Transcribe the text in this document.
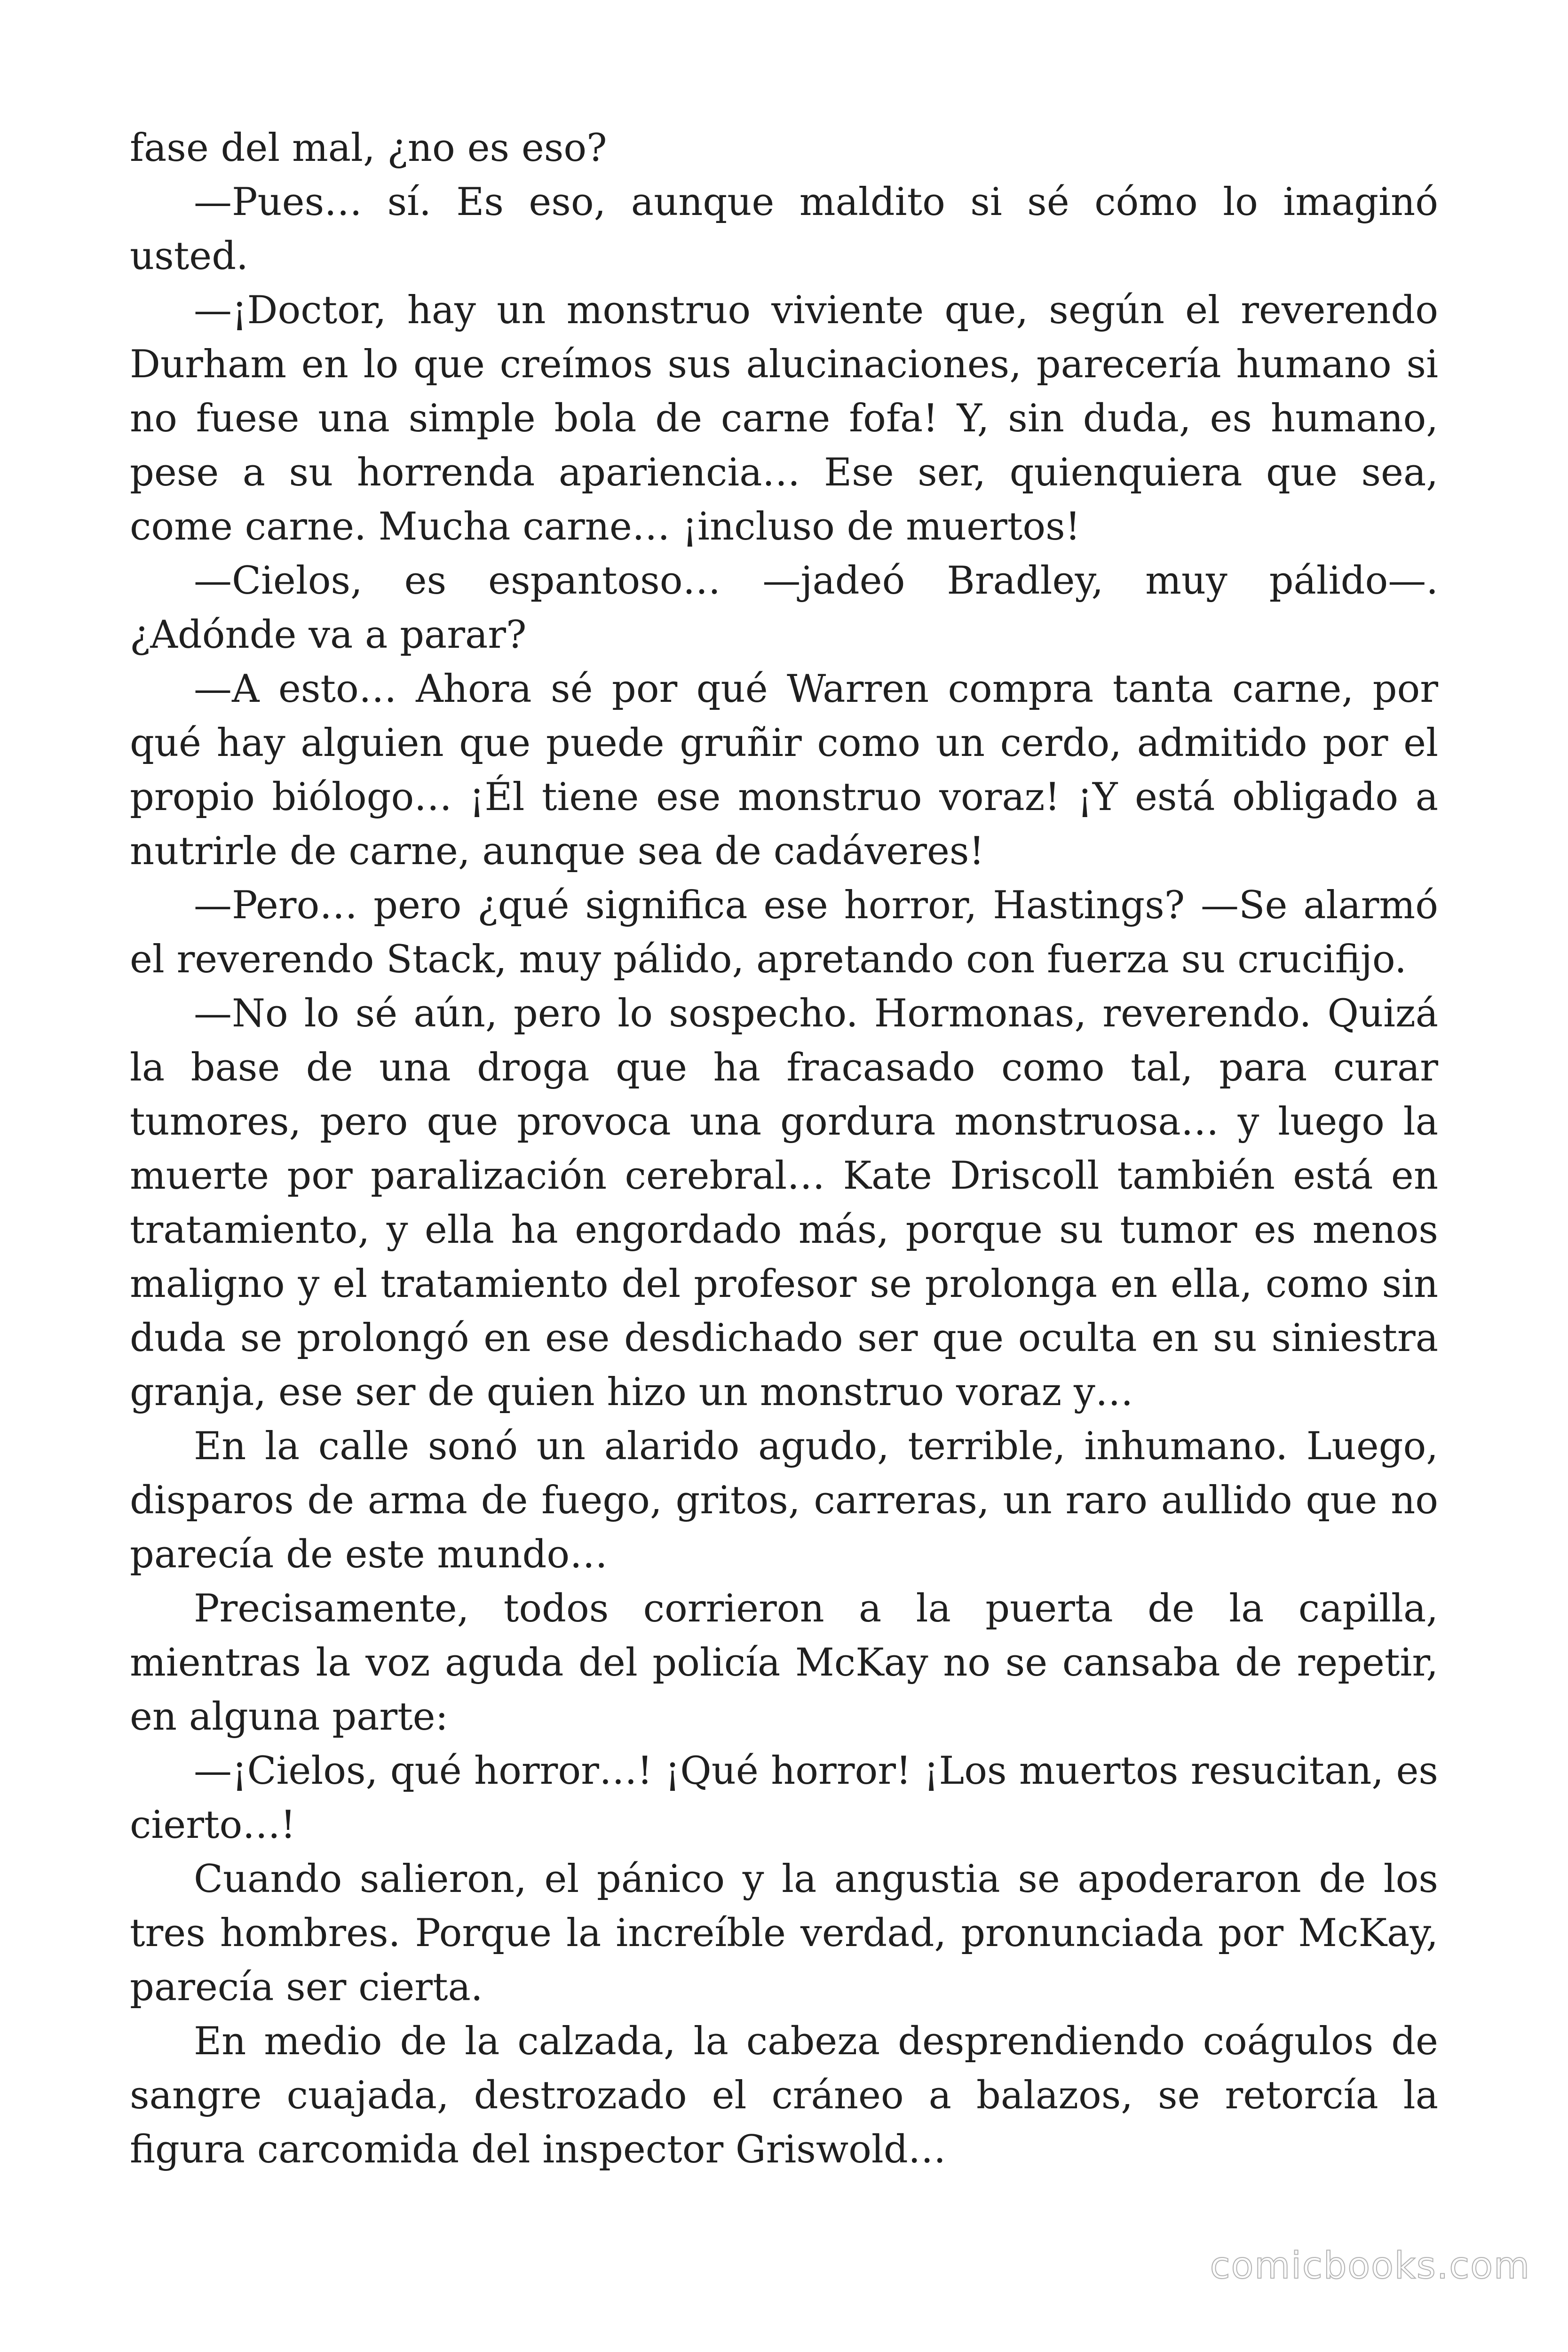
fase del mal, ¿no es eso?

—Pues… sí. Es eso, aunque maldito si sé cómo lo imaginó usted.

—¡Doctor, hay un monstruo viviente que, según el reverendo Durham en lo que creímos sus alucinaciones, parecería humano si no fuese una simple bola de carne fofa! Y, sin duda, es humano, pese a su horrenda apariencia… Ese ser, quienquiera que sea, come carne. Mucha carne… ¡incluso de muertos!

—Cielos, es espantoso… —jadeó Bradley, muy pálido—. ¿Adónde va a parar?

—A esto… Ahora sé por qué Warren compra tanta carne, por qué hay alguien que puede gruñir como un cerdo, admitido por el propio biólogo… ¡Él tiene ese monstruo voraz! ¡Y está obligado a nutrirle de carne, aunque sea de cadáveres!

—Pero… pero ¿qué significa ese horror, Hastings? —Se alarmó el reverendo Stack, muy pálido, apretando con fuerza su crucifijo.

—No lo sé aún, pero lo sospecho. Hormonas, reverendo. Quizá la base de una droga que ha fracasado como tal, para curar tumores, pero que provoca una gordura monstruosa… y luego la muerte por paralización cerebral… Kate Driscoll también está en tratamiento, y ella ha engordado más, porque su tumor es menos maligno y el tratamiento del profesor se prolonga en ella, como sin duda se prolongó en ese desdichado ser que oculta en su siniestra granja, ese ser de quien hizo un monstruo voraz y…

En la calle sonó un alarido agudo, terrible, inhumano. Luego, disparos de arma de fuego, gritos, carreras, un raro aullido que no parecía de este mundo…

Precisamente, todos corrieron a la puerta de la capilla, mientras la voz aguda del policía McKay no se cansaba de repetir, en alguna parte:

—¡Cielos, qué horror…! ¡Qué horror! ¡Los muertos resucitan, es cierto…!

Cuando salieron, el pánico y la angustia se apoderaron de los tres hombres. Porque la increíble verdad, pronunciada por McKay, parecía ser cierta.

En medio de la calzada, la cabeza desprendiendo coágulos de sangre cuajada, destrozado el cráneo a balazos, se retorcía la figura carcomida del inspector Griswold…

comicbooks.com
